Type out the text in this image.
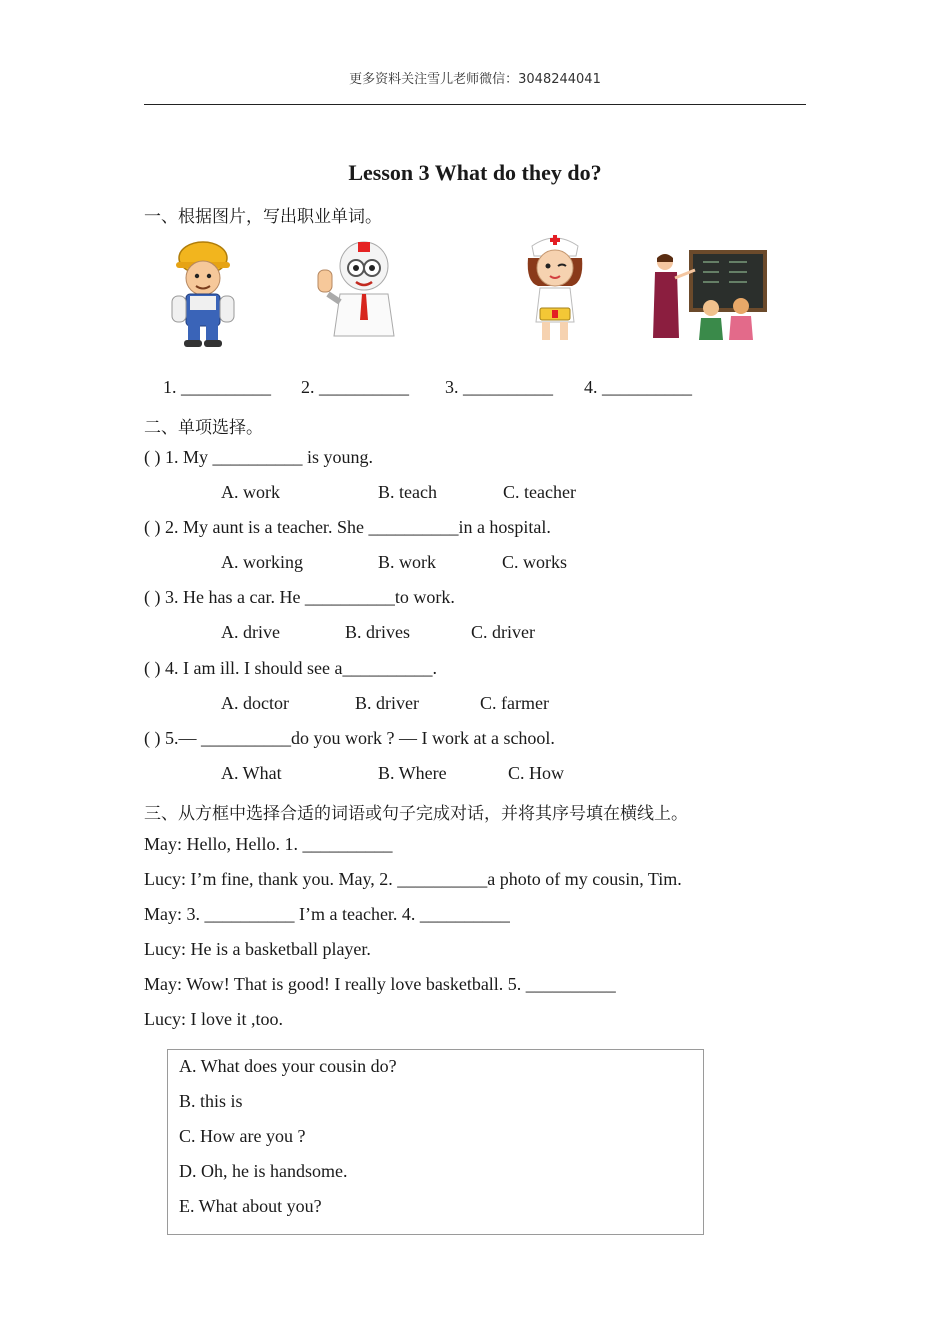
更多资料关注雪儿老师微信：3048244041
Lesson 3 What do they do?
一、根据图片，写出职业单词。
1. __________ 2. __________ 3. __________ 4. __________
二、单项选择。
( ) 1. My __________ is young.
A. work	B. teach	C. teacher
( ) 2. My aunt is a teacher. She __________in a hospital.
A. working	B. work	C. works
( ) 3. He has a car. He __________to work.
A. drive	B. drives	C. driver
( ) 4. I am ill. I should see a__________.
A. doctor	B. driver	C. farmer
( ) 5.— __________do you work ? — I work at a school.
A. What	B. Where	C. How
三、从方框中选择合适的词语或句子完成对话，并将其序号填在横线上。
May: Hello, Hello. 1. __________
Lucy: I’m fine, thank you. May, 2. __________a photo of my cousin, Tim.
May: 3. __________ I’m a teacher. 4. __________
Lucy: He is a basketball player.
May: Wow! That is good! I really love basketball. 5. __________
Lucy: I love it ,too.
A. What does your cousin do?
B. this is
C. How are you ?
D. Oh, he is handsome.
E. What about you?
